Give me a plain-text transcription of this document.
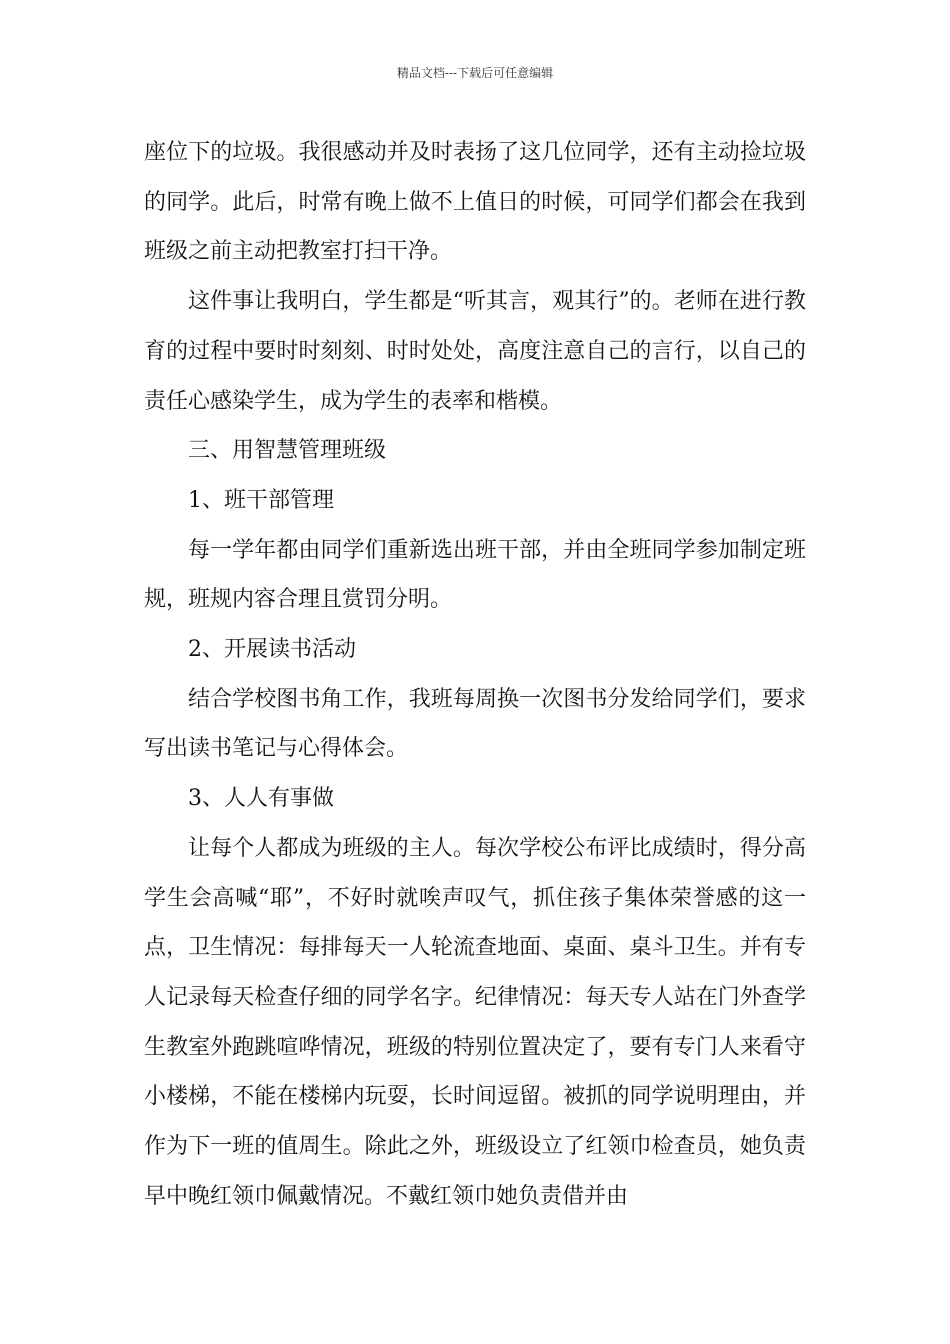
精品文档---下载后可任意编辑

座位下的垃圾。我很感动并及时表扬了这几位同学，还有主动捡垃圾的同学。此后，时常有晚上做不上值日的时候，可同学们都会在我到班级之前主动把教室打扫干净。

这件事让我明白，学生都是“听其言，观其行”的。老师在进行教育的过程中要时时刻刻、时时处处，高度注意自己的言行，以自己的责任心感染学生，成为学生的表率和楷模。

三、用智慧管理班级

1、班干部管理

每一学年都由同学们重新选出班干部，并由全班同学参加制定班规，班规内容合理且赏罚分明。

2、开展读书活动

结合学校图书角工作，我班每周换一次图书分发给同学们，要求写出读书笔记与心得体会。

3、人人有事做

让每个人都成为班级的主人。每次学校公布评比成绩时，得分高学生会高喊“耶”，不好时就唉声叹气，抓住孩子集体荣誉感的这一点，卫生情况：每排每天一人轮流查地面、桌面、桌斗卫生。并有专人记录每天检查仔细的同学名字。纪律情况：每天专人站在门外查学生教室外跑跳喧哗情况，班级的特别位置决定了，要有专门人来看守小楼梯，不能在楼梯内玩耍，长时间逗留。被抓的同学说明理由，并作为下一班的值周生。除此之外，班级设立了红领巾检查员，她负责早中晚红领巾佩戴情况。不戴红领巾她负责借并由
